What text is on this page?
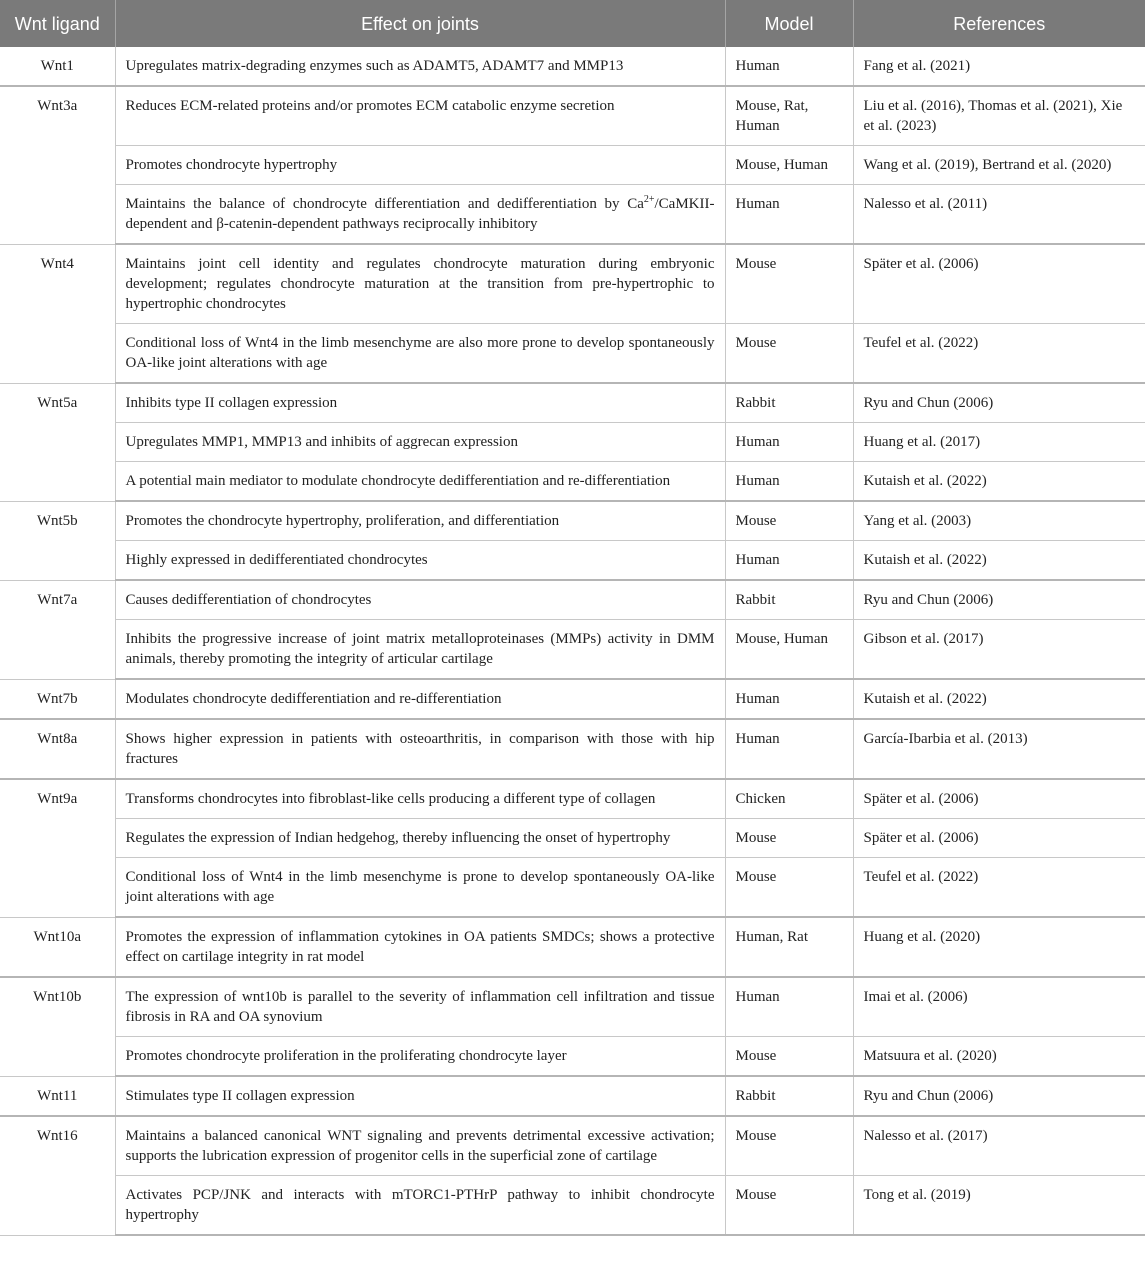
Wnt ligand	Effect on joints	Model	References
Wnt1	Upregulates matrix-degrading enzymes such as ADAMT5, ADAMT7 and MMP13	Human	Fang et al. (2021)
Wnt3a	Reduces ECM-related proteins and/or promotes ECM catabolic enzyme secretion	Mouse, Rat, Human	Liu et al. (2016), Thomas et al. (2021), Xie et al. (2023)
	Promotes chondrocyte hypertrophy	Mouse, Human	Wang et al. (2019), Bertrand et al. (2020)
	Maintains the balance of chondrocyte differentiation and dedifferentiation by $Ca^{2+}/CaMKII$-dependent and β-catenin-dependent pathways reciprocally inhibitory	Human	Nalesso et al. (2011)
Wnt4	Maintains joint cell identity and regulates chondrocyte maturation during embryonic development; regulates chondrocyte maturation at the transition from pre-hypertrophic to hypertrophic chondrocytes	Mouse	Später et al. (2006)
	Conditional loss of Wnt4 in the limb mesenchyme are also more prone to develop spontaneously OA-like joint alterations with age	Mouse	Teufel et al. (2022)
Wnt5a	Inhibits type II collagen expression	Rabbit	Ryu and Chun (2006)
	Upregulates MMP1, MMP13 and inhibits of aggrecan expression	Human	Huang et al. (2017)
	A potential main mediator to modulate chondrocyte dedifferentiation and re-differentiation	Human	Kutaish et al. (2022)
Wnt5b	Promotes the chondrocyte hypertrophy, proliferation, and differentiation	Mouse	Yang et al. (2003)
	Highly expressed in dedifferentiated chondrocytes	Human	Kutaish et al. (2022)
Wnt7a	Causes dedifferentiation of chondrocytes	Rabbit	Ryu and Chun (2006)
	Inhibits the progressive increase of joint matrix metalloproteinases (MMPs) activity in DMM animals, thereby promoting the integrity of articular cartilage	Mouse, Human	Gibson et al. (2017)
Wnt7b	Modulates chondrocyte dedifferentiation and re-differentiation	Human	Kutaish et al. (2022)
Wnt8a	Shows higher expression in patients with osteoarthritis, in comparison with those with hip fractures	Human	García-Ibarbia et al. (2013)
Wnt9a	Transforms chondrocytes into fibroblast-like cells producing a different type of collagen	Chicken	Später et al. (2006)
	Regulates the expression of Indian hedgehog, thereby influencing the onset of hypertrophy	Mouse	Später et al. (2006)
	Conditional loss of Wnt4 in the limb mesenchyme is prone to develop spontaneously OA-like joint alterations with age	Mouse	Teufel et al. (2022)
Wnt10a	Promotes the expression of inflammation cytokines in OA patients SMDCs; shows a protective effect on cartilage integrity in rat model	Human, Rat	Huang et al. (2020)
Wnt10b	The expression of wnt10b is parallel to the severity of inflammation cell infiltration and tissue fibrosis in RA and OA synovium	Human	Imai et al. (2006)
	Promotes chondrocyte proliferation in the proliferating chondrocyte layer	Mouse	Matsuura et al. (2020)
Wnt11	Stimulates type II collagen expression	Rabbit	Ryu and Chun (2006)
Wnt16	Maintains a balanced canonical WNT signaling and prevents detrimental excessive activation; supports the lubrication expression of progenitor cells in the superficial zone of cartilage	Mouse	Nalesso et al. (2017)
	Activates PCP/JNK and interacts with mTORC1-PTHrP pathway to inhibit chondrocyte hypertrophy	Mouse	Tong et al. (2019)
